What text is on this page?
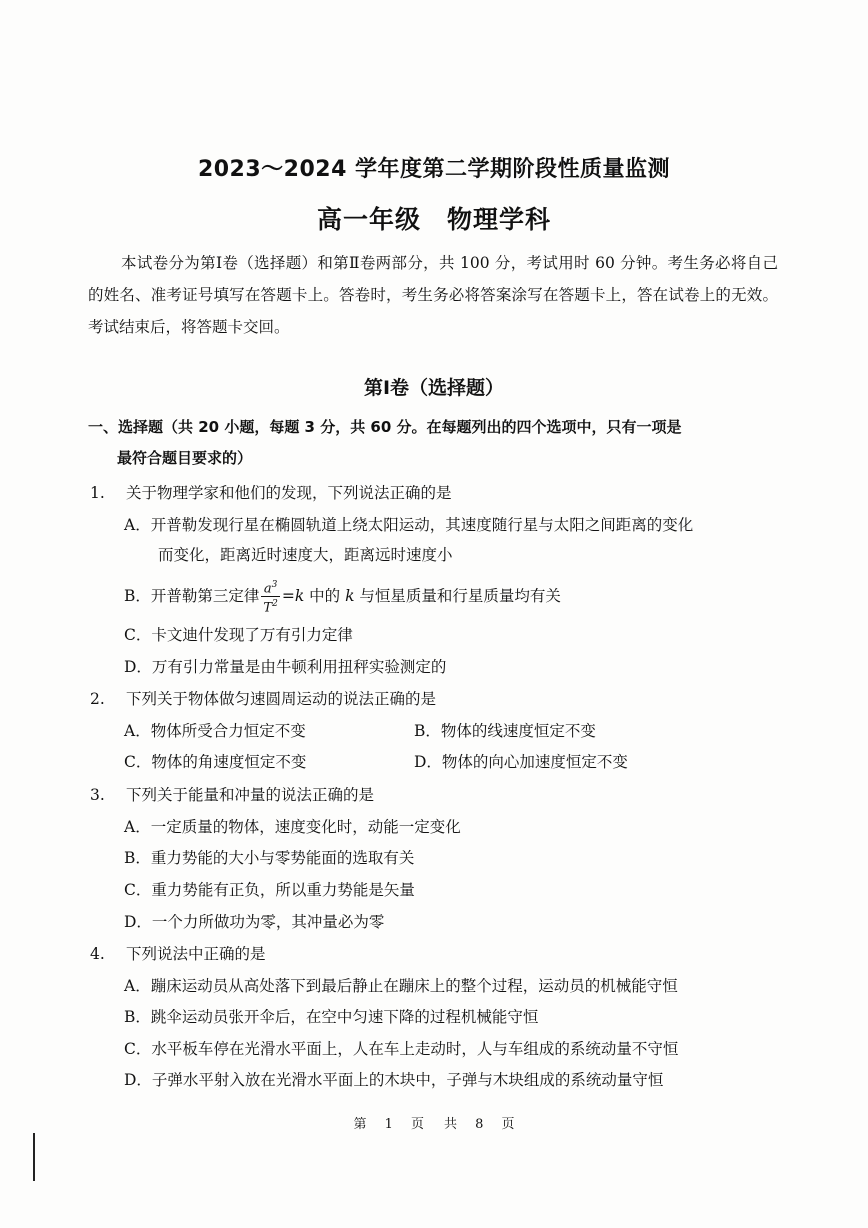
2023～2024 学年度第二学期阶段性质量监测
高一年级　物理学科
本试卷分为第Ⅰ卷（选择题）和第Ⅱ卷两部分，共 100 分，考试用时 60 分钟。考生务必将自己的姓名、准考证号填写在答题卡上。答卷时，考生务必将答案涂写在答题卡上，答在试卷上的无效。考试结束后，将答题卡交回。
第Ⅰ卷（选择题）
一、选择题（共 20 小题，每题 3 分，共 60 分。在每题列出的四个选项中，只有一项是
最符合题目要求的）
1. 关于物理学家和他们的发现，下列说法正确的是
A．开普勒发现行星在椭圆轨道上绕太阳运动，其速度随行星与太阳之间距离的变化
而变化，距离近时速度大，距离远时速度小
B．开普勒第三定律 $\frac{a^3}{T^2} =k$ 中的 k 与恒星质量和行星质量均有关
C．卡文迪什发现了万有引力定律
D．万有引力常量是由牛顿利用扭秤实验测定的
2. 下列关于物体做匀速圆周运动的说法正确的是
A．物体所受合力恒定不变	B．物体的线速度恒定不变
C．物体的角速度恒定不变	D．物体的向心加速度恒定不变
3. 下列关于能量和冲量的说法正确的是
A．一定质量的物体，速度变化时，动能一定变化
B．重力势能的大小与零势能面的选取有关
C．重力势能有正负，所以重力势能是矢量
D．一个力所做功为零，其冲量必为零
4. 下列说法中正确的是
A．蹦床运动员从高处落下到最后静止在蹦床上的整个过程，运动员的机械能守恒
B．跳伞运动员张开伞后，在空中匀速下降的过程机械能守恒
C．水平板车停在光滑水平面上，人在车上走动时，人与车组成的系统动量不守恒
D．子弹水平射入放在光滑水平面上的木块中，子弹与木块组成的系统动量守恒
第 1 页 共 8 页
